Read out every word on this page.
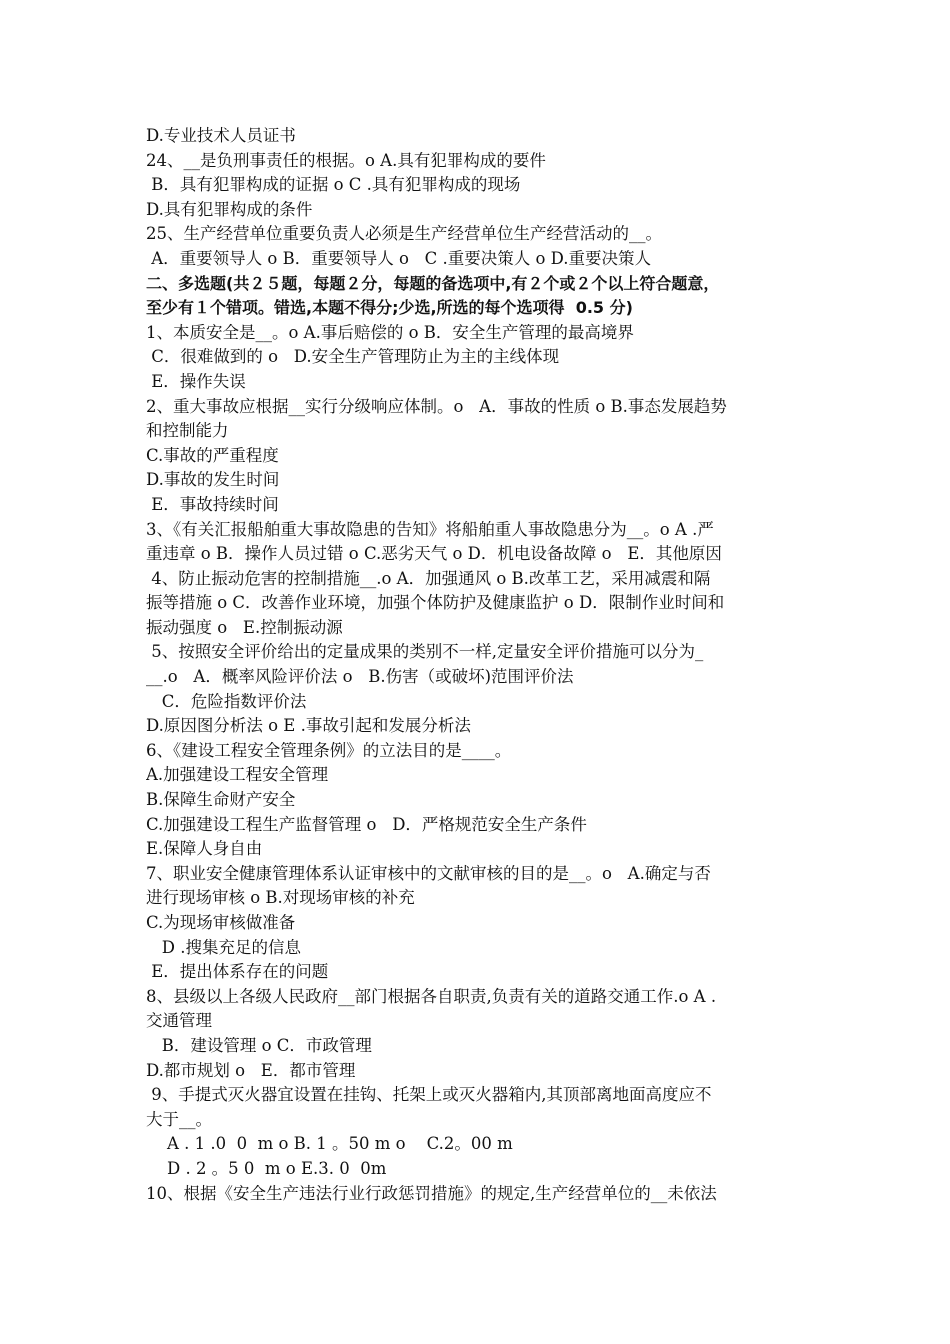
D.专业技术人员证书
24、__是负刑事责任的根据。o A.具有犯罪构成的要件
B．具有犯罪构成的证据 o C .具有犯罪构成的现场
D.具有犯罪构成的条件
25、生产经营单位重要负责人必须是生产经营单位生产经营活动的__。
A．重要领导人 o B．重要领导人 o   C .重要决策人 o D.重要决策人
二、多选题(共２５题，每题２分，每题的备选项中,有２个或２个以上符合题意，
至少有１个错项。错选,本题不得分;少选,所选的每个选项得  0.5 分)
1、本质安全是__。o A.事后赔偿的 o B．安全生产管理的最高境界
C．很难做到的 o   D.安全生产管理防止为主的主线体现
E．操作失误
2、重大事故应根据__实行分级响应体制。o   A．事故的性质 o B.事态发展趋势
和控制能力
C.事故的严重程度
D.事故的发生时间
E．事故持续时间
3、《有关汇报船舶重大事故隐患的告知》将船舶重人事故隐患分为__。o A .严
重违章 o B．操作人员过错 o C.恶劣天气 o D．机电设备故障 o   E．其他原因
4、防止振动危害的控制措施__.o A．加强通风 o B.改革工艺，采用减震和隔
振等措施 o C．改善作业环境，加强个体防护及健康监护 o D．限制作业时间和
振动强度 o   E.控制振动源
5、按照安全评价给出的定量成果的类别不一样,定量安全评价措施可以分为_
__.o   A．概率风险评价法 o   B.伤害（或破坏)范围评价法
C．危险指数评价法
D.原因图分析法 o E .事故引起和发展分析法
6、《建设工程安全管理条例》的立法目的是____。
A.加强建设工程安全管理
B.保障生命财产安全
C.加强建设工程生产监督管理 o   D．严格规范安全生产条件
E.保障人身自由
7、职业安全健康管理体系认证审核中的文献审核的目的是__。o   A.确定与否
进行现场审核 o B.对现场审核的补充
C.为现场审核做准备
D .搜集充足的信息
E．提出体系存在的问题
8、县级以上各级人民政府__部门根据各自职责,负责有关的道路交通工作.o A .
交通管理
B．建设管理 o C．市政管理
D.都市规划 o   E．都市管理
9、手提式灭火器宜设置在挂钩、托架上或灭火器箱内,其顶部离地面高度应不
大于__。
A . 1 .0  0  m o B. 1 。50 m o    C.2。00 m
D . 2 。5 0  m o E.3. 0  0m
10、根据《安全生产违法行业行政惩罚措施》的规定,生产经营单位的__未依法
